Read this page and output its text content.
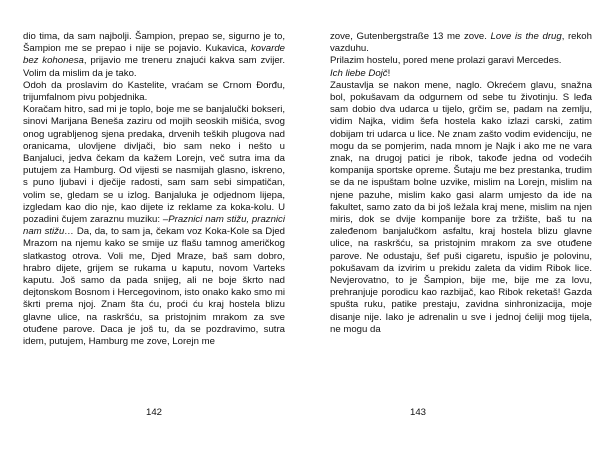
dio tima, da sam najbolji. Šampion, prepao se, sigurno je to, Šampion me se prepao i nije se pojavio. Kukavica, kovarde bez kohonesa, prijavio me treneru znajući kakva sam zvijer. Volim da mislim da je tako.

Odoh da proslavim do Kastelite, vraćam se Crnom Đorđu, trijumfalnom pivu pobjednika.

Koračam hitro, sad mi je toplo, boje me se banjalučki bokseri, sinovi Marijana Beneša zaziru od mojih seoskih mišića, svog onog ugrabljenog sjena predaka, drvenih teških plugova nad oranicama, ulovljene divljači, bio sam neko i nešto u Banjaluci, jedva čekam da kažem Lorejn, več sutra ima da putujem za Hamburg. Od vijesti se nasmijah glasno, iskreno, s puno ljubavi i dječije radosti, sam sam sebi simpatičan, volim se, gledam se u izlog. Banjaluka je odjednom lijepa, izgledam kao dio nje, kao dijete iz reklame za koka-kolu. U pozadini čujem zaraznu muziku: –Praznici nam stižu, praznici nam stižu… Da, da, to sam ja, čekam voz Koka-Kole sa Djed Mrazom na njemu kako se smije uz flašu tamnog američkog slatkastog otrova. Voli me, Djed Mraze, baš sam dobro, hrabro dijete, grijem se rukama u kaputu, novom Varteks kaputu. Još samo da pada snijeg, ali ne boje škrto nad dejtonskom Bosnom i Hercegovinom, isto onako kako smo mi škrti prema njoj. Znam šta ću, proći ću kraj hostela blizu glavne ulice, na raskršću, sa pristojnim mrakom za sve otuđene parove. Daca je još tu, da se pozdravimo, sutra idem, putujem, Hamburg me zove, Lorejn me

142

zove, Gutenbergstraße 13 me zove. Love is the drug, rekoh vazduhu.

Prilazim hostelu, pored mene prolazi garavi Mercedes.

Ich liebe Dojč!

Zaustavlja se nakon mene, naglo. Okrećem glavu, snažna bol, pokušavam da odgurnem od sebe tu životinju. S leđa sam dobio dva udarca u tijelo, grčim se, padam na zemlju, vidim Najka, vidim šefa hostela kako izlazi carski, zatim dobijam tri udarca u lice. Ne znam zašto vodim evidenciju, ne mogu da se pomjerim, nada mnom je Najk i ako me ne vara znak, na drugoj patici je ribok, takođe jedna od vodećih kompanija sportske opreme. Šutaju me bez prestanka, trudim se da ne ispuštam bolne uzvike, mislim na Lorejn, mislim na njene pazuhe, mislim kako gasi alarm umjesto da ide na fakultet, samo zato da bi još ležala kraj mene, mislim na njen miris, dok se dvije kompanije bore za tržište, baš tu na zaleđenom banjalučkom asfaltu, kraj hostela blizu glavne ulice, na raskršću, sa pristojnim mrakom za sve otuđene parove. Ne odustaju, šef puši cigaretu, ispušio je polovinu, pokušavam da izvirim u prekidu zaleta da vidim Ribok lice. Nevjerovatno, to je Šampion, bije me, bije me za lovu, prehranjuje porodicu kao razbijač, kao Ribok reketaš! Gazda spušta ruku, patike prestaju, zavidna sinhronizacija, moje disanje nije. Iako je adrenalin u sve i jednoj ćeliji mog tijela, ne mogu da

143
